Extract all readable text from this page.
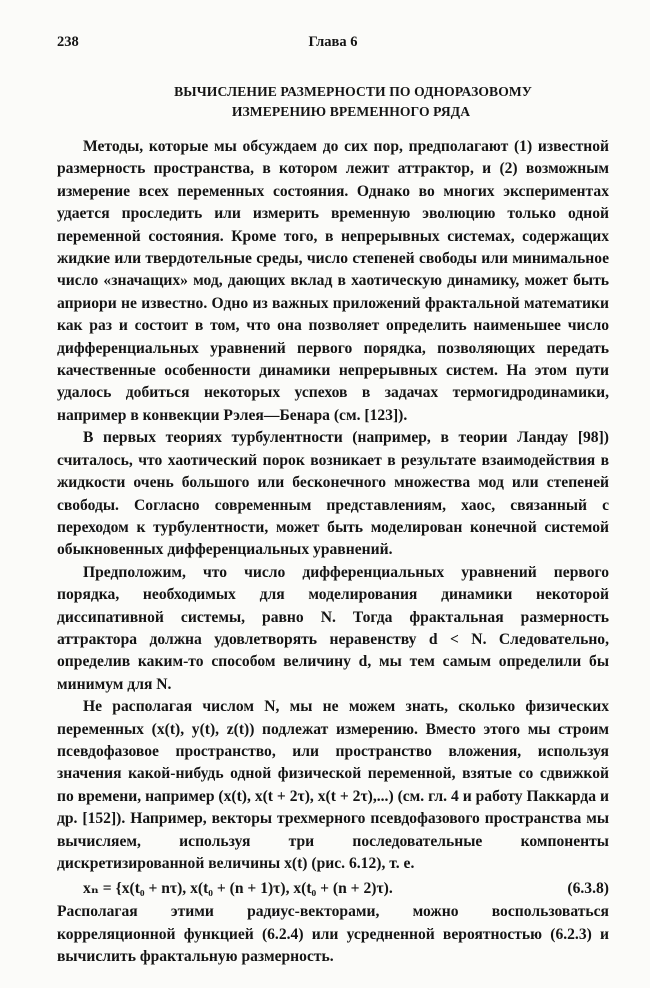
238	Глава 6
ВЫЧИСЛЕНИЕ РАЗМЕРНОСТИ ПО ОДНОРАЗОВОМУ
ИЗМЕРЕНИЮ ВРЕМЕННОГО РЯДА

Методы, которые мы обсуждаем до сих пор, предполагают (1) известной размерность пространства, в котором лежит аттрактор, и (2) возможным измерение всех переменных состояния. Однако во многих экспериментах удается проследить или измерить временную эволюцию только одной переменной состояния. Кроме того, в непрерывных системах, содержащих жидкие или твердотельные среды, число степеней свободы или минимальное число «значащих» мод, дающих вклад в хаотическую динамику, может быть априори не известно. Одно из важных приложений фрактальной математики как раз и состоит в том, что она позволяет определить наименьшее число дифференциальных уравнений первого порядка, позволяющих передать качественные особенности динамики непрерывных систем. На этом пути удалось добиться некоторых успехов в задачах термогидродинамики, например в конвекции Рэлея—Бенара (см. [123]).

В первых теориях турбулентности (например, в теории Ландау [98]) считалось, что хаотический порок возникает в результате взаимодействия в жидкости очень большого или бесконечного множества мод или степеней свободы. Согласно современным представлениям, хаос, связанный с переходом к турбулентности, может быть моделирован конечной системой обыкновенных дифференциальных уравнений.

Предположим, что число дифференциальных уравнений первого порядка, необходимых для моделирования динамики некоторой диссипативной системы, равно N. Тогда фрактальная размерность аттрактора должна удовлетворять неравенству d < N. Следовательно, определив каким-то способом величину d, мы тем самым определили бы минимум для N.

Не располагая числом N, мы не можем знать, сколько физических переменных (x(t), y(t), z(t)) подлежат измерению. Вместо этого мы строим псевдофазовое пространство, или пространство вложения, используя значения какой-нибудь одной физической переменной, взятые со сдвижкой по времени, например (x(t), x(t + 2τ), x(t + 2τ),...) (см. гл. 4 и работу Паккарда и др. [152]). Например, векторы трехмерного псевдофазового пространства мы вычисляем, используя три последовательные компоненты дискретизированной величины x(t) (рис. 6.12), т. е.

xₙ = {x(t₀ + nτ), x(t₀ + (n + 1)τ), x(t₀ + (n + 2)τ).	(6.3.8)

Располагая этими радиус-векторами, можно воспользоваться корреляционной функцией (6.2.4) или усредненной вероятностью (6.2.3) и вычислить фрактальную размерность.
